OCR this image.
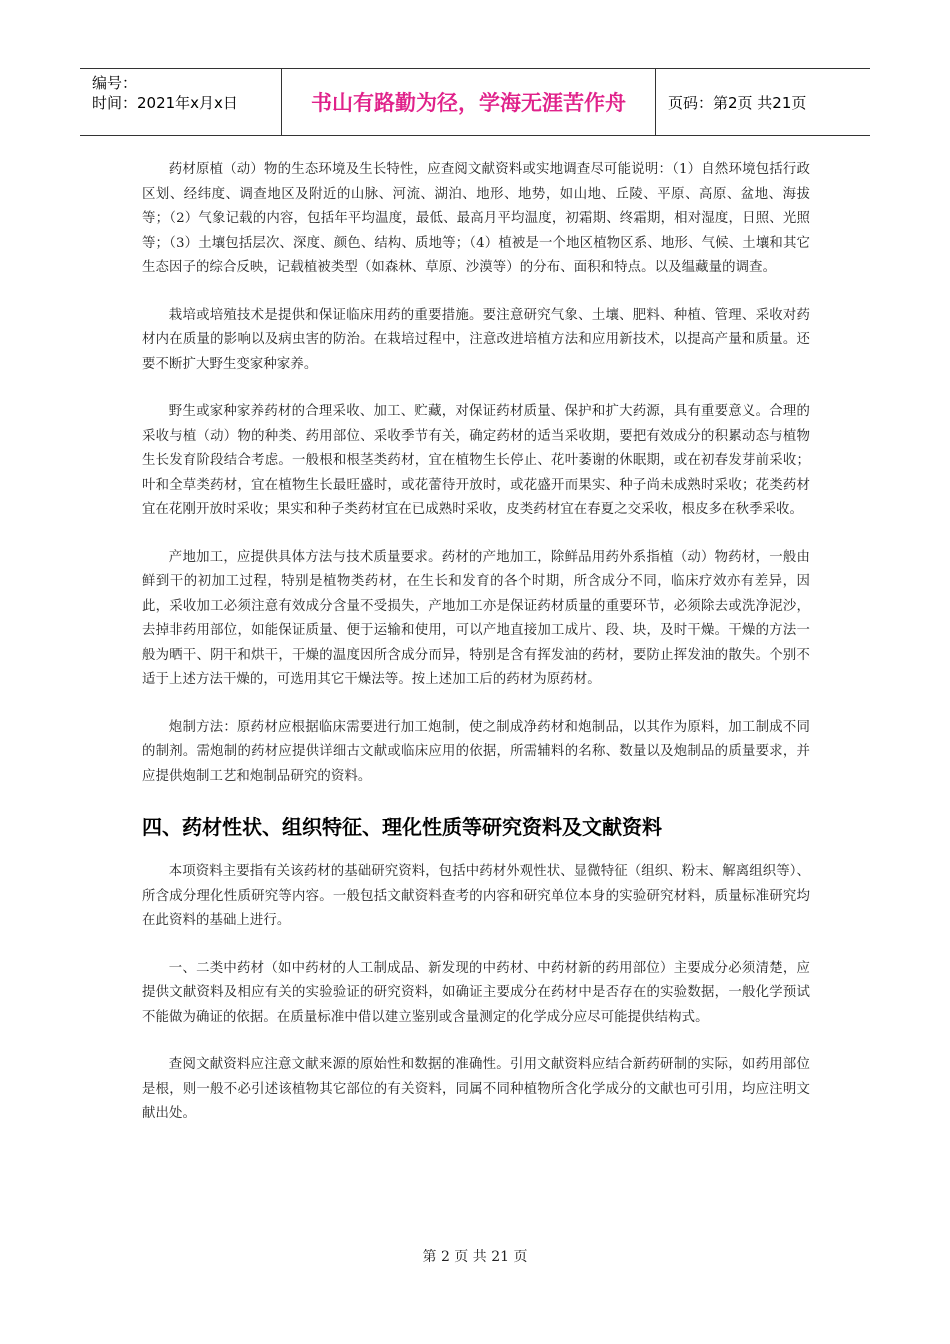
编号：
时间：2021年x月x日	书山有路勤为径，学海无涯苦作舟	页码：第2页 共21页

药材原植（动）物的生态环境及生长特性，应查阅文献资料或实地调查尽可能说明：（1）自然环境包括行政区划、经纬度、调查地区及附近的山脉、河流、湖泊、地形、地势，如山地、丘陵、平原、高原、盆地、海拔等；（2）气象记载的内容，包括年平均温度，最低、最高月平均温度，初霜期、终霜期，相对湿度，日照、光照等；（3）土壤包括层次、深度、颜色、结构、质地等；（4）植被是一个地区植物区系、地形、气候、土壤和其它生态因子的综合反映，记载植被类型（如森林、草原、沙漠等）的分布、面积和特点。以及缊藏量的调查。

栽培或培殖技术是提供和保证临床用药的重要措施。要注意研究气象、土壤、肥料、种植、管理、采收对药材内在质量的影响以及病虫害的防治。在栽培过程中，注意改进培植方法和应用新技术，以提高产量和质量。还要不断扩大野生变家种家养。

野生或家种家养药材的合理采收、加工、贮藏，对保证药材质量、保护和扩大药源，具有重要意义。合理的采收与植（动）物的种类、药用部位、采收季节有关，确定药材的适当采收期，要把有效成分的积累动态与植物生长发育阶段结合考虑。一般根和根茎类药材，宜在植物生长停止、花叶萎谢的休眠期，或在初春发芽前采收；叶和全草类药材，宜在植物生长最旺盛时，或花蕾待开放时，或花盛开而果实、种子尚未成熟时采收；花类药材宜在花刚开放时采收；果实和种子类药材宜在已成熟时采收，皮类药材宜在春夏之交采收，根皮多在秋季采收。

产地加工，应提供具体方法与技术质量要求。药材的产地加工，除鲜品用药外系指植（动）物药材，一般由鲜到干的初加工过程，特别是植物类药材，在生长和发育的各个时期，所含成分不同，临床疗效亦有差异，因此，采收加工必须注意有效成分含量不受损失，产地加工亦是保证药材质量的重要环节，必须除去或洗净泥沙，去掉非药用部位，如能保证质量、便于运输和使用，可以产地直接加工成片、段、块，及时干燥。干燥的方法一般为晒干、阴干和烘干，干燥的温度因所含成分而异，特别是含有挥发油的药材，要防止挥发油的散失。个别不适于上述方法干燥的，可选用其它干燥法等。按上述加工后的药材为原药材。

炮制方法：原药材应根据临床需要进行加工炮制，使之制成净药材和炮制品，以其作为原料，加工制成不同的制剂。需炮制的药材应提供详细古文献或临床应用的依据，所需辅料的名称、数量以及炮制品的质量要求，并应提供炮制工艺和炮制品研究的资料。

四、药材性状、组织特征、理化性质等研究资料及文献资料

本项资料主要指有关该药材的基础研究资料，包括中药材外观性状、显微特征（组织、粉末、解离组织等）、所含成分理化性质研究等内容。一般包括文献资料查考的内容和研究单位本身的实验研究材料，质量标准研究均在此资料的基础上进行。

一、二类中药材（如中药材的人工制成品、新发现的中药材、中药材新的药用部位）主要成分必须清楚，应提供文献资料及相应有关的实验验证的研究资料，如确证主要成分在药材中是否存在的实验数据，一般化学预试不能做为确证的依据。在质量标准中借以建立鉴别或含量测定的化学成分应尽可能提供结构式。

查阅文献资料应注意文献来源的原始性和数据的准确性。引用文献资料应结合新药研制的实际，如药用部位是根，则一般不必引述该植物其它部位的有关资料，同属不同种植物所含化学成分的文献也可引用，均应注明文献出处。

第 2 页 共 21 页
